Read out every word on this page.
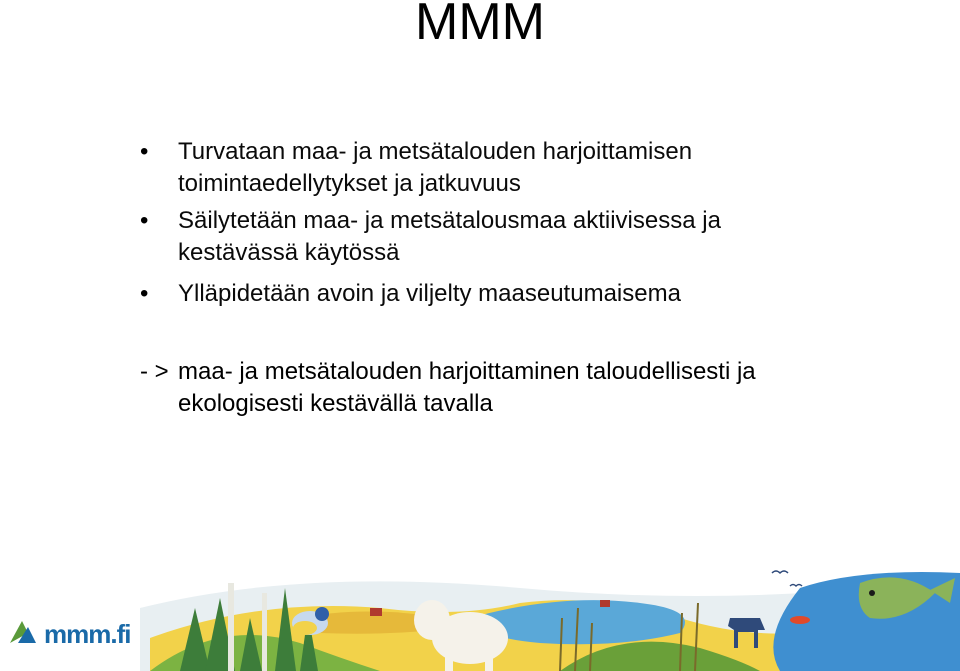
MMM
• Turvataan maa- ja metsätalouden harjoittamisen
toimintaedellytykset ja jatkuvuus
• Säilytetään maa- ja metsätalousmaa aktiivisessa ja
kestävässä käytössä
• Ylläpidetään avoin ja viljelty maaseutumaisema
- > maa- ja metsätalouden harjoittaminen taloudellisesti ja
ekologisesti kestävällä tavalla
mmm.fi
